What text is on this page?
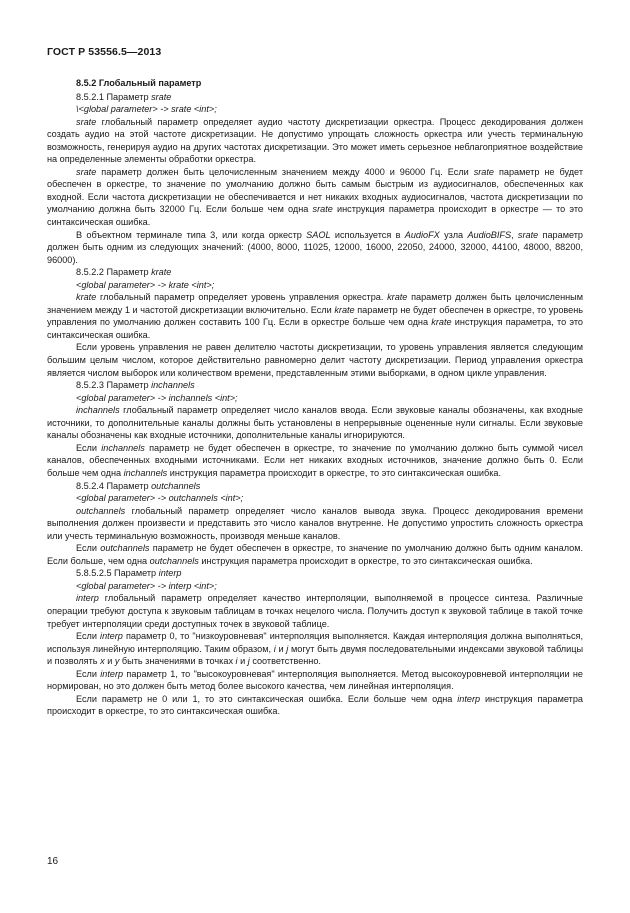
ГОСТ Р 53556.5—2013

8.5.2 Глобальный параметр

8.5.2.1 Параметр srate

\<global parameter> -> srate <int>;

srate глобальный параметр определяет аудио частоту дискретизации оркестра. Процесс декодирования должен создать аудио на этой частоте дискретизации. Не допустимо упрощать сложность оркестра или учесть терминальную возможность, генерируя аудио на других частотах дискретизации. Это может иметь серьезное неблагоприятное воздействие на определенные элементы обработки оркестра.

srate параметр должен быть целочисленным значением между 4000 и 96000 Гц. Если srate параметр не будет обеспечен в оркестре, то значение по умолчанию должно быть самым быстрым из аудиосигналов, обеспеченных как входной. Если частота дискретизации не обеспечивается и нет никаких входных аудиосигналов, частота дискретизации по умолчанию должна быть 32000 Гц. Если больше чем одна srate инструкция параметра происходит в оркестре — то это синтаксическая ошибка.

В объектном терминале типа 3, или когда оркестр SAOL используется в AudioFX узла AudioBIFS, srate параметр должен быть одним из следующих значений: (4000, 8000, 11025, 12000, 16000, 22050, 24000, 32000, 44100, 48000, 88200, 96000).

8.5.2.2 Параметр krate

<global parameter> -> krate <int>;

krate глобальный параметр определяет уровень управления оркестра. krate параметр должен быть целочисленным значением между 1 и частотой дискретизации включительно. Если krate параметр не будет обеспечен в оркестре, то уровень управления по умолчанию должен составить 100 Гц. Если в оркестре больше чем одна krate инструкция параметра, то это синтаксическая ошибка.

Если уровень управления не равен делителю частоты дискретизации, то уровень управления является следующим большим целым числом, которое действительно равномерно делит частоту дискретизации. Период управления оркестра является числом выборок или количеством времени, представленным этими выборками, в одном цикле управления.

8.5.2.3 Параметр inchannels

<global parameter> -> inchannels <int>;

inchannels глобальный параметр определяет число каналов ввода. Если звуковые каналы обозначены, как входные источники, то дополнительные каналы должны быть установлены в непрерывные оцененные нули сигналы. Если звуковые каналы обозначены как входные источники, дополнительные каналы игнорируются.

Если inchannels параметр не будет обеспечен в оркестре, то значение по умолчанию должно быть суммой чисел каналов, обеспеченных входными источниками. Если нет никаких входных источников, значение должно быть 0. Если больше чем одна inchannels инструкция параметра происходит в оркестре, то это синтаксическая ошибка.

8.5.2.4 Параметр outchannels

<global parameter> -> outchannels <int>;

outchannels глобальный параметр определяет число каналов вывода звука. Процесс декодирования времени выполнения должен произвести и представить это число каналов внутренне. Не допустимо упростить сложность оркестра или учесть терминальную возможность, производя меньше каналов.

Если outchannels параметр не будет обеспечен в оркестре, то значение по умолчанию должно быть одним каналом. Если больше, чем одна outchannels инструкция параметра происходит в оркестре, то это синтаксическая ошибка.

5.8.5.2.5 Параметр interp

<global parameter> -> interp <int>;

interp глобальный параметр определяет качество интерполяции, выполняемой в процессе синтеза. Различные операции требуют доступа к звуковым таблицам в точках нецелого числа. Получить доступ к звуковой таблице в такой точке требует интерполяции среди доступных точек в звуковой таблице.

Если interp параметр 0, то "низкоуровневая" интерполяция выполняется. Каждая интерполяция должна выполняться, используя линейную интерполяцию. Таким образом, i и j могут быть двумя последовательными индексами звуковой таблицы и позволять x и y быть значениями в точках i и j соответственно.

Если interp параметр 1, то "высокоуровневая" интерполяция выполняется. Метод высокоуровневой интерполяции не нормирован, но это должен быть метод более высокого качества, чем линейная интерполяция.

Если параметр не 0 или 1, то это синтаксическая ошибка. Если больше чем одна interp инструкция параметра происходит в оркестре, то это синтаксическая ошибка.

16
